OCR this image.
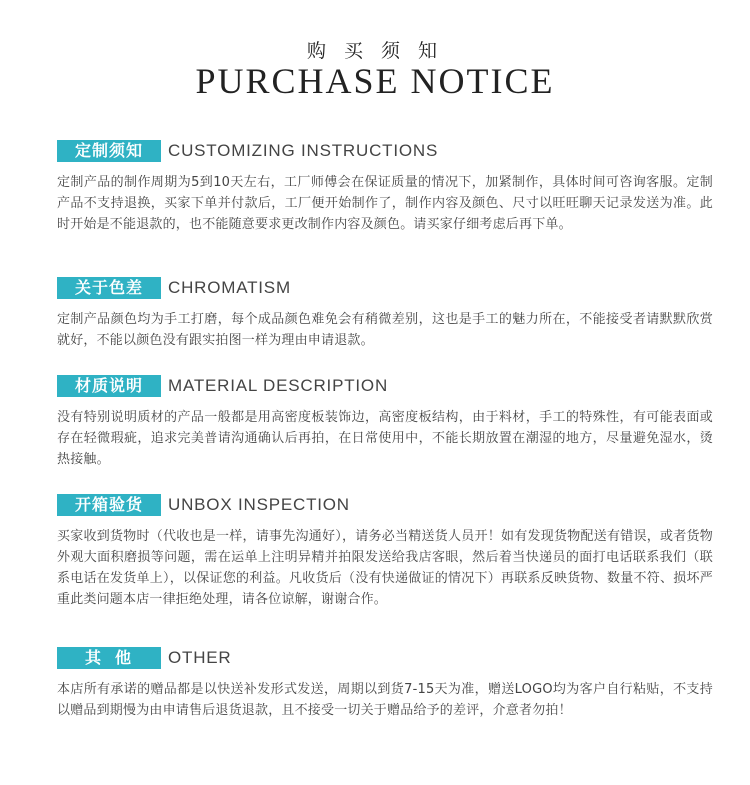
购 买 须 知
PURCHASE NOTICE
定制须知	CUSTOMIZING INSTRUCTIONS
定制产品的制作周期为5到10天左右，工厂师傅会在保证质量的情况下，加紧制作，具体时间可咨询客服。定制产品不支持退换，买家下单并付款后，工厂便开始制作了，制作内容及颜色、尺寸以旺旺聊天记录发送为准。此时开始是不能退款的，也不能随意要求更改制作内容及颜色。请买家仔细考虑后再下单。
关于色差	CHROMATISM
定制产品颜色均为手工打磨，每个成品颜色难免会有稍微差别，这也是手工的魅力所在，不能接受者请默默欣赏就好，不能以颜色没有跟实拍图一样为理由申请退款。
材质说明	MATERIAL DESCRIPTION
没有特别说明质材的产品一般都是用高密度板装饰边，高密度板结构，由于料材，手工的特殊性，有可能表面或存在轻微瑕疵，追求完美普请沟通确认后再拍，在日常使用中，不能长期放置在潮湿的地方，尽量避免湿水，烫热接触。
开箱验货	UNBOX INSPECTION
买家收到货物时（代收也是一样，请事先沟通好），请务必当精送货人员开！如有发现货物配送有错误，或者货物外观大面积磨损等问题，需在运单上注明异精并拍限发送给我店客眼，然后着当快递员的面打电话联系我们（联系电话在发货单上），以保证您的利益。凡收货后（没有快递做证的情况下）再联系反映货物、数量不符、损坏严重此类问题本店一律拒绝处理，请各位谅解，谢谢合作。
其他	OTHER
本店所有承诺的赠品都是以快送补发形式发送，周期以到货7-15天为准，赠送LOGO均为客户自行粘贴，不支持以赠品到期慢为由申请售后退货退款，且不接受一切关于赠品给予的差评，介意者勿拍！
